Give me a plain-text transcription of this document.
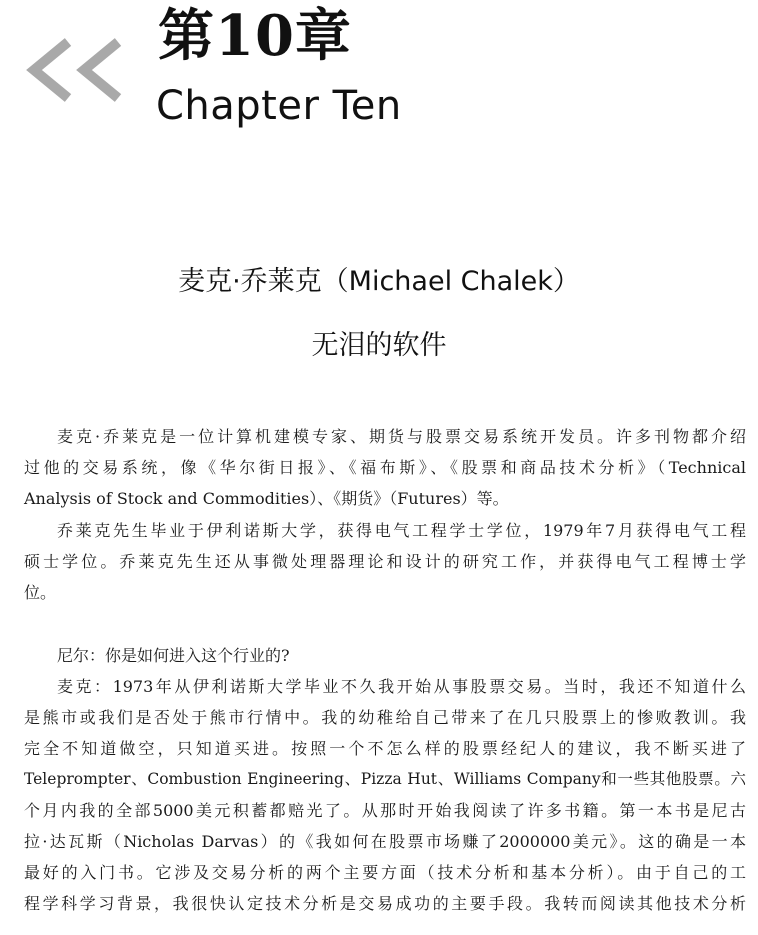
第10章
Chapter Ten
麦克·乔莱克（Michael Chalek）
无泪的软件
麦克·乔莱克是一位计算机建模专家、期货与股票交易系统开发员。许多刊物都介绍
过他的交易系统，像《华尔街日报》、《福布斯》、《股票和商品技术分析》（Technical
Analysis of Stock and Commodities）、《期货》（Futures）等。
乔莱克先生毕业于伊利诺斯大学，获得电气工程学士学位，1979年7月获得电气工程
硕士学位。乔莱克先生还从事微处理器理论和设计的研究工作，并获得电气工程博士学
位。
尼尔：你是如何进入这个行业的?
麦克：1973年从伊利诺斯大学毕业不久我开始从事股票交易。当时，我还不知道什么
是熊市或我们是否处于熊市行情中。我的幼稚给自己带来了在几只股票上的惨败教训。我
完全不知道做空，只知道买进。按照一个不怎么样的股票经纪人的建议，我不断买进了
Teleprompter、Combustion Engineering、Pizza Hut、Williams Company和一些其他股票。六
个月内我的全部5000美元积蓄都赔光了。从那时开始我阅读了许多书籍。第一本书是尼古
拉·达瓦斯（Nicholas Darvas）的《我如何在股票市场赚了2000000美元》。这的确是一本
最好的入门书。它涉及交易分析的两个主要方面（技术分析和基本分析）。由于自己的工
程学科学习背景，我很快认定技术分析是交易成功的主要手段。我转而阅读其他技术分析
